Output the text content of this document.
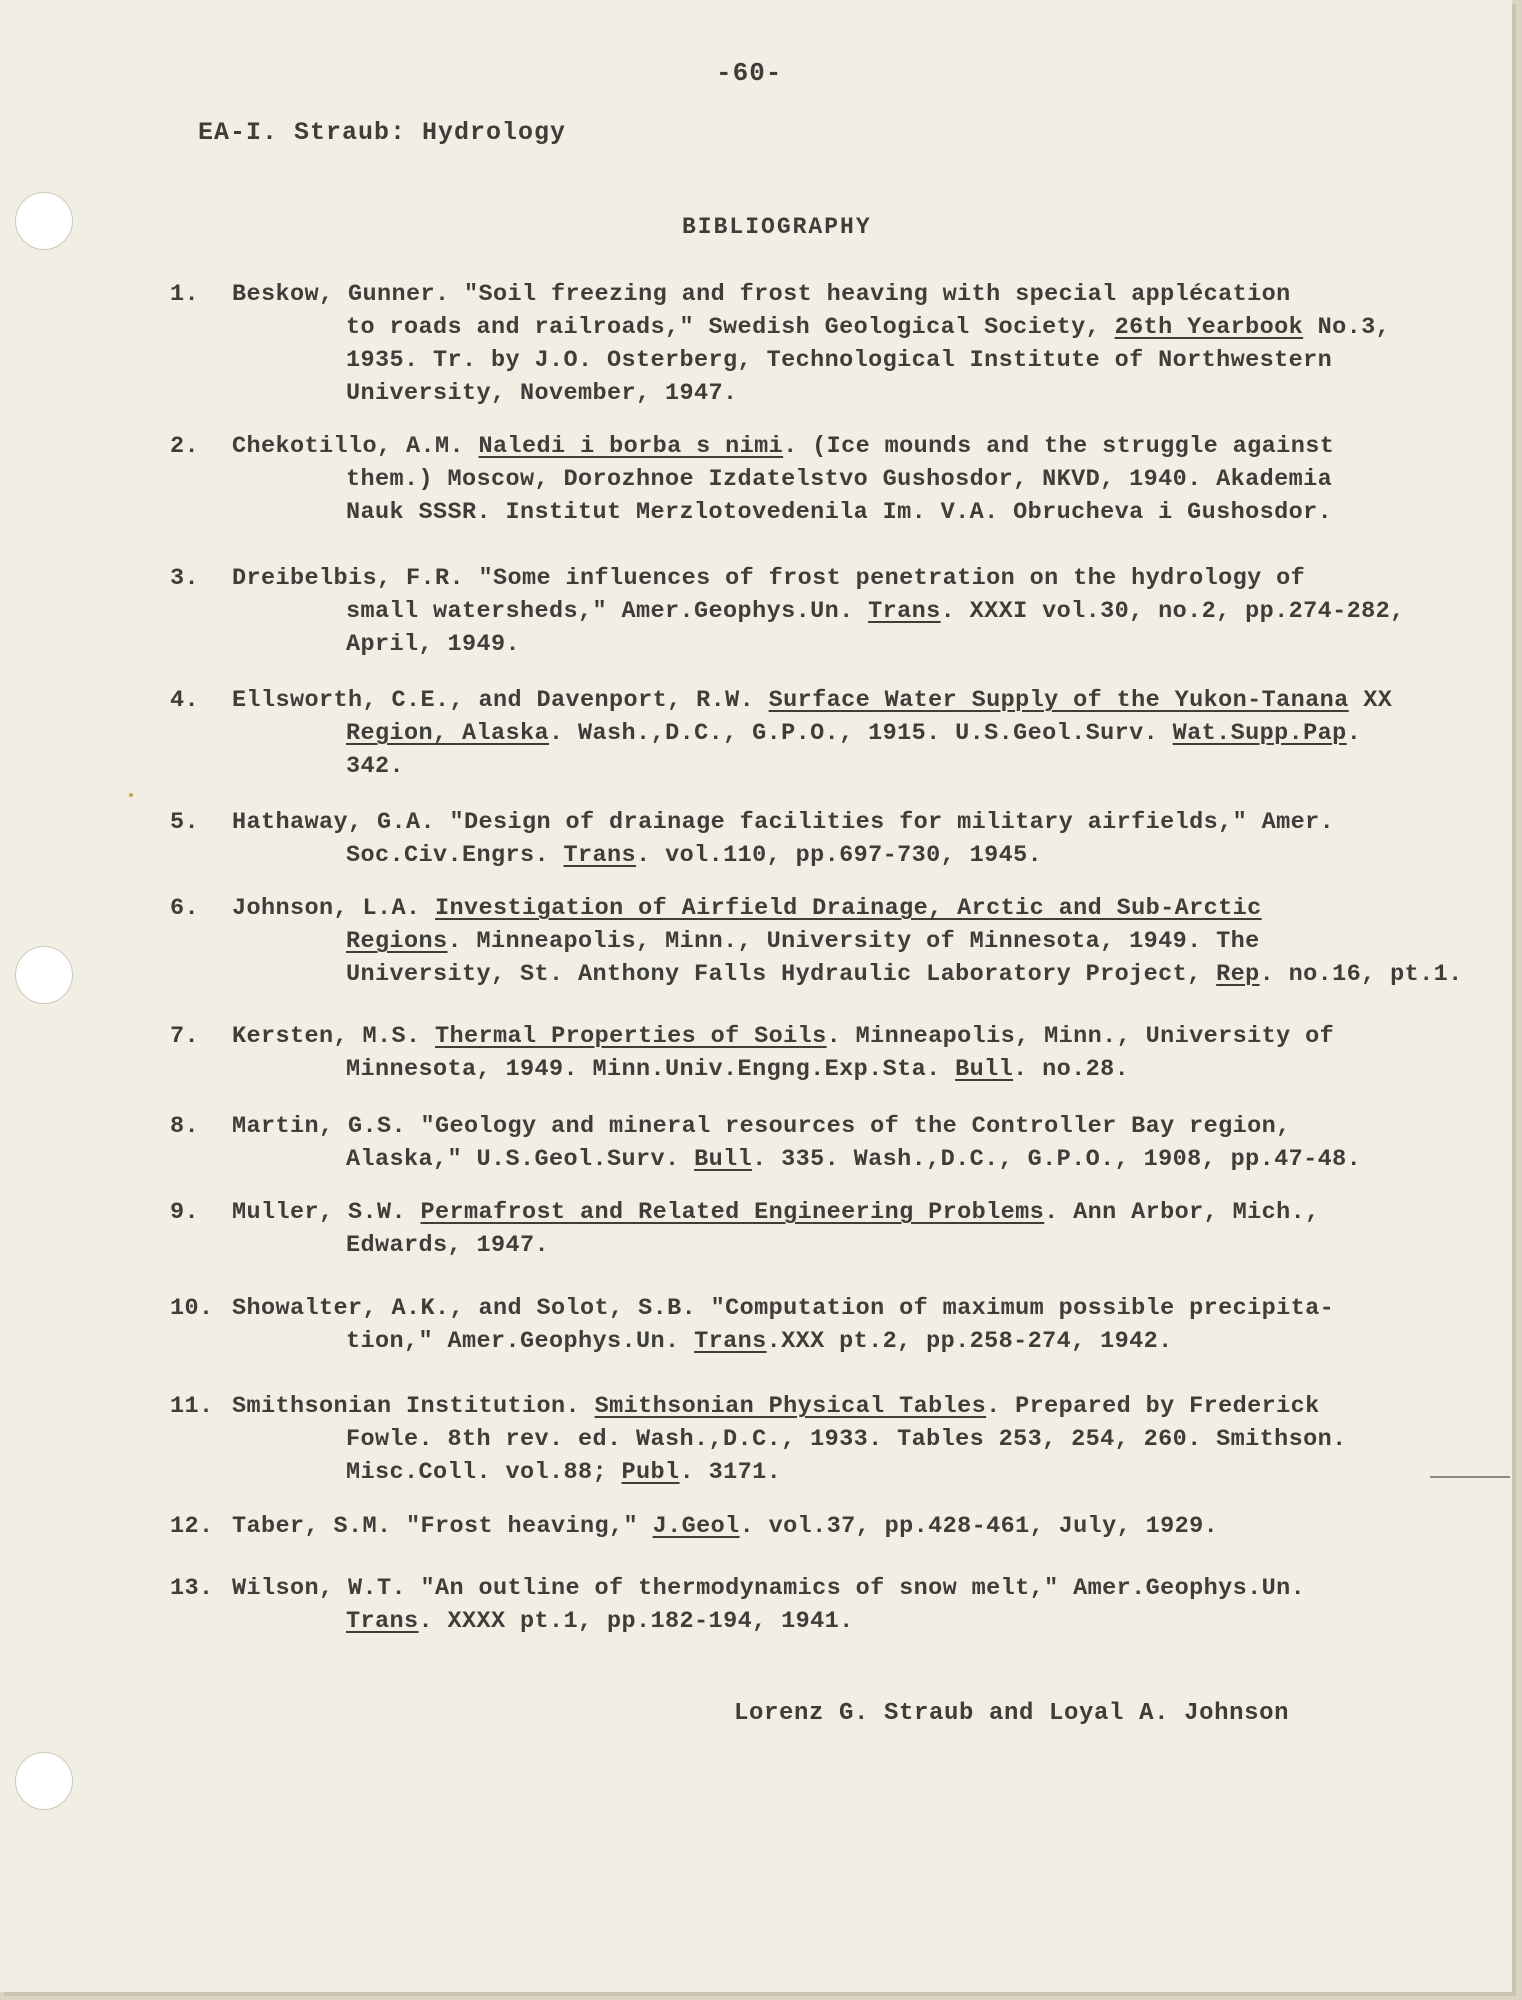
-60-
EA-I. Straub: Hydrology
BIBLIOGRAPHY
1. Beskow, Gunner. "Soil freezing and frost heaving with special applécation
to roads and railroads," Swedish Geological Society, 26th Yearbook No.3,
1935. Tr. by J.O. Osterberg, Technological Institute of Northwestern
University, November, 1947.
2. Chekotillo, A.M. Naledi i borba s nimi. (Ice mounds and the struggle against
them.) Moscow, Dorozhnoe Izdatelstvo Gushosdor, NKVD, 1940. Akademia
Nauk SSSR. Institut Merzlotovedenila Im. V.A. Obrucheva i Gushosdor.
3. Dreibelbis, F.R. "Some influences of frost penetration on the hydrology of
small watersheds," Amer.Geophys.Un. Trans. XXXI vol.30, no.2, pp.274-282,
April, 1949.
4. Ellsworth, C.E., and Davenport, R.W. Surface Water Supply of the Yukon-Tanana XX
Region, Alaska. Wash.,D.C., G.P.O., 1915. U.S.Geol.Surv. Wat.Supp.Pap.
342.
5. Hathaway, G.A. "Design of drainage facilities for military airfields," Amer.
Soc.Civ.Engrs. Trans. vol.110, pp.697-730, 1945.
6. Johnson, L.A. Investigation of Airfield Drainage, Arctic and Sub-Arctic
Regions. Minneapolis, Minn., University of Minnesota, 1949. The
University, St. Anthony Falls Hydraulic Laboratory Project, Rep. no.16, pt.1.
7. Kersten, M.S. Thermal Properties of Soils. Minneapolis, Minn., University of
Minnesota, 1949. Minn.Univ.Engng.Exp.Sta. Bull. no.28.
8. Martin, G.S. "Geology and mineral resources of the Controller Bay region,
Alaska," U.S.Geol.Surv. Bull. 335. Wash.,D.C., G.P.O., 1908, pp.47-48.
9. Muller, S.W. Permafrost and Related Engineering Problems. Ann Arbor, Mich.,
Edwards, 1947.
10. Showalter, A.K., and Solot, S.B. "Computation of maximum possible precipita-
tion," Amer.Geophys.Un. Trans.XXX pt.2, pp.258-274, 1942.
11. Smithsonian Institution. Smithsonian Physical Tables. Prepared by Frederick
Fowle. 8th rev. ed. Wash.,D.C., 1933. Tables 253, 254, 260. Smithson.
Misc.Coll. vol.88; Publ. 3171.
12. Taber, S.M. "Frost heaving," J.Geol. vol.37, pp.428-461, July, 1929.
13. Wilson, W.T. "An outline of thermodynamics of snow melt," Amer.Geophys.Un.
Trans. XXXX pt.1, pp.182-194, 1941.
Lorenz G. Straub and Loyal A. Johnson
